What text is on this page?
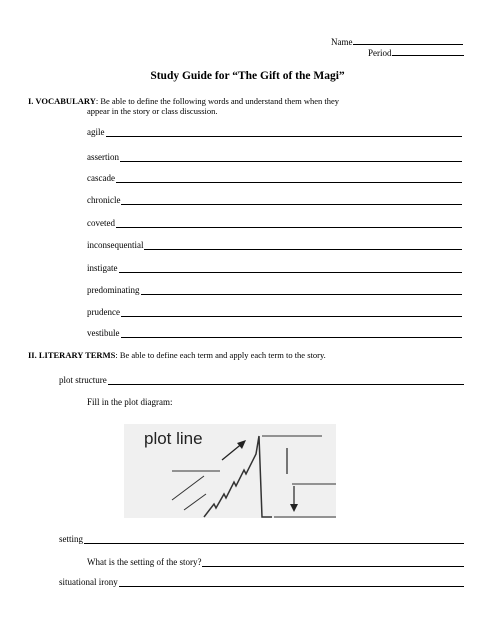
Name
Period
Study Guide for “The Gift of the Magi”
I. VOCABULARY: Be able to define the following words and understand them when they
appear in the story or class discussion.
agile
assertion
cascade
chronicle
coveted
inconsequential
instigate
predominating
prudence
vestibule
II. LITERARY TERMS: Be able to define each term and apply each term to the story.
plot structure
Fill in the plot diagram:
plot line
setting
What is the setting of the story?
situational irony
